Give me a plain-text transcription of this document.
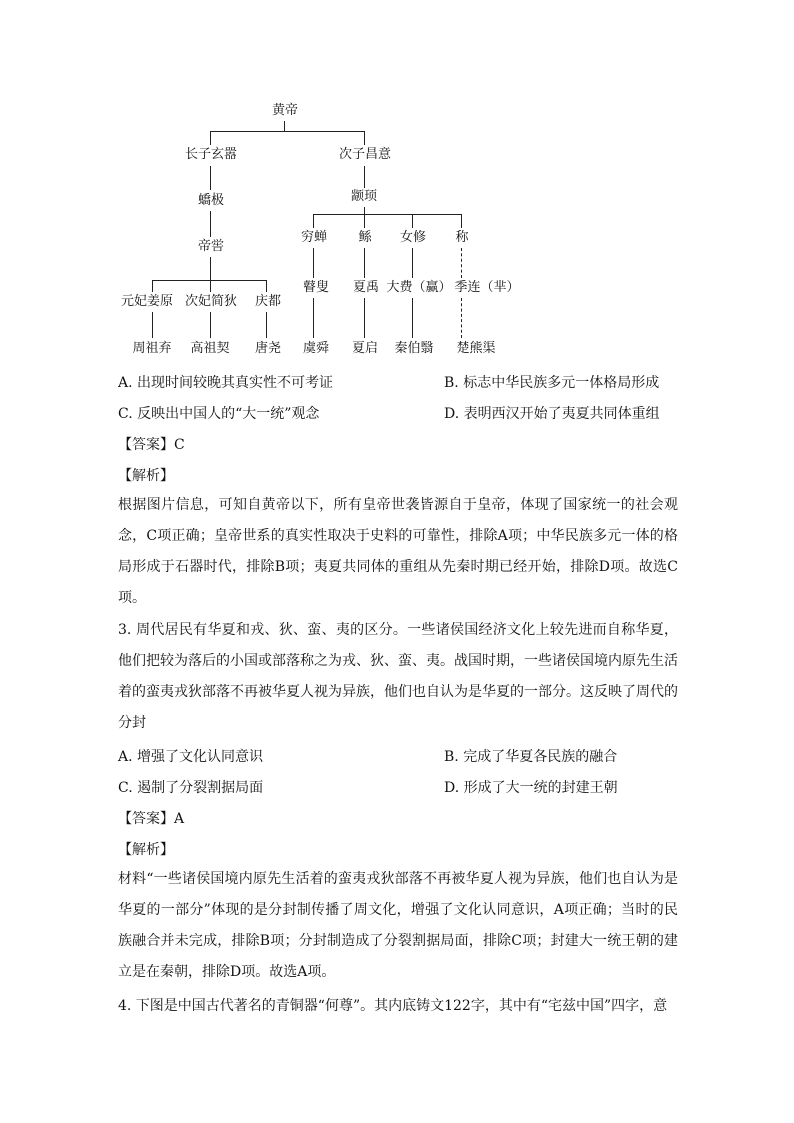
黄帝
长子玄嚣	次子昌意
蟜极	颛顼
帝喾
穷蝉 鲧 女修 称
元妃姜原 次妃简狄 庆都
瞽叟 夏禹 大费（赢） 季连（芈）
周祖弃 高祖契 唐尧 虞舜 夏启 秦伯翳 楚熊渠
A. 出现时间较晚其真实性不可考证	B. 标志中华民族多元一体格局形成
C. 反映出中国人的“大一统”观念	D. 表明西汉开始了夷夏共同体重组
【答案】C
【解析】
根据图片信息，可知自黄帝以下，所有皇帝世袭皆源自于皇帝，体现了国家统一的社会观念，C项正确；皇帝世系的真实性取决于史料的可靠性，排除A项；中华民族多元一体的格局形成于石器时代，排除B项；夷夏共同体的重组从先秦时期已经开始，排除D项。故选C项。
3. 周代居民有华夏和戎、狄、蛮、夷的区分。一些诸侯国经济文化上较先进而自称华夏，他们把较为落后的小国或部落称之为戎、狄、蛮、夷。战国时期，一些诸侯国境内原先生活着的蛮夷戎狄部落不再被华夏人视为异族，他们也自认为是华夏的一部分。这反映了周代的分封
A. 增强了文化认同意识	B. 完成了华夏各民族的融合
C. 遏制了分裂割据局面	D. 形成了大一统的封建王朝
【答案】A
【解析】
材料“一些诸侯国境内原先生活着的蛮夷戎狄部落不再被华夏人视为异族，他们也自认为是华夏的一部分”体现的是分封制传播了周文化，增强了文化认同意识，A项正确；当时的民族融合并未完成，排除B项；分封制造成了分裂割据局面，排除C项；封建大一统王朝的建立是在秦朝，排除D项。故选A项。
4. 下图是中国古代著名的青铜器“何尊”。其内底铸文122字，其中有“宅兹中国”四字，意
